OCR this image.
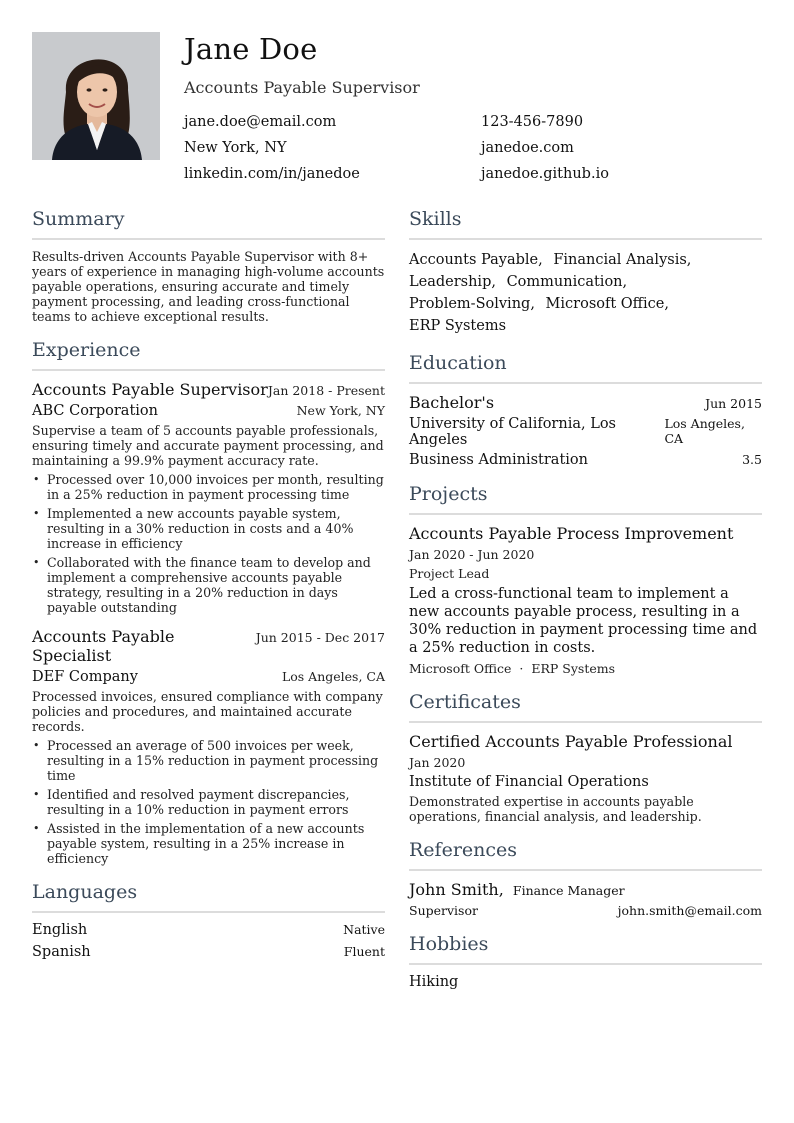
Jane Doe
Accounts Payable Supervisor
jane.doe@email.com	123-456-7890
New York, NY	janedoe.com
linkedin.com/in/janedoe	janedoe.github.io
Summary
Results-driven Accounts Payable Supervisor with 8+ years of experience in managing high-volume accounts payable operations, ensuring accurate and timely payment processing, and leading cross-functional teams to achieve exceptional results.
Experience
Accounts Payable Supervisor Jan 2018 - Present
ABC Corporation	New York, NY
Supervise a team of 5 accounts payable professionals, ensuring timely and accurate payment processing, and maintaining a 99.9% payment accuracy rate.
• Processed over 10,000 invoices per month, resulting in a 25% reduction in payment processing time
• Implemented a new accounts payable system, resulting in a 30% reduction in costs and a 40% increase in efficiency
• Collaborated with the finance team to develop and implement a comprehensive accounts payable strategy, resulting in a 20% reduction in days payable outstanding
Accounts Payable Specialist
Jun 2015 - Dec 2017
DEF Company	Los Angeles, CA
Processed invoices, ensured compliance with company policies and procedures, and maintained accurate records.
• Processed an average of 500 invoices per week, resulting in a 15% reduction in payment processing time
• Identified and resolved payment discrepancies, resulting in a 10% reduction in payment errors
• Assisted in the implementation of a new accounts payable system, resulting in a 25% increase in efficiency
Languages
English	Native
Spanish	Fluent
Skills
Accounts Payable, Financial Analysis, Leadership, Communication, Problem-Solving, Microsoft Office, ERP Systems
Education
Bachelor's	Jun 2015
University of California, Los Angeles
Los Angeles, CA
Business Administration	3.5
Projects
Accounts Payable Process Improvement
Jan 2020 - Jun 2020
Project Lead
Led a cross-functional team to implement a new accounts payable process, resulting in a 30% reduction in payment processing time and a 25% reduction in costs.
Microsoft Office · ERP Systems
Certificates
Certified Accounts Payable Professional
Jan 2020
Institute of Financial Operations
Demonstrated expertise in accounts payable operations, financial analysis, and leadership.
References
John Smith, Finance Manager
Supervisor	john.smith@email.com
Hobbies
Hiking
